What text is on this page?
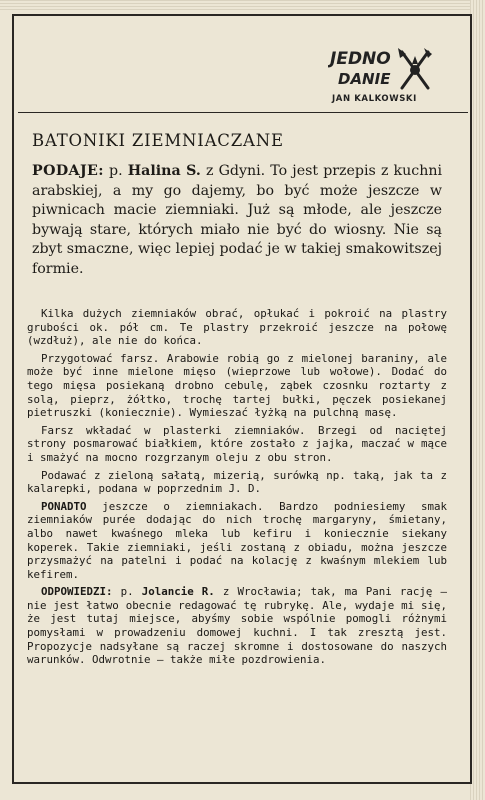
JEDNO
DANIE
JAN KALKOWSKI
BATONIKI ZIEMNIACZANE
PODAJE: p. Halina S. z Gdyni. To jest przepis z kuchni arabskiej, a my go dajemy, bo być może jeszcze w piwnicach macie ziemniaki. Już są młode, ale jeszcze bywają stare, których miało nie być do wiosny. Nie są zbyt smaczne, więc lepiej podać je w takiej smakowitszej formie.

Kilka dużych ziemniaków obrać, opłukać i pokroić na plastry grubości ok. pół cm. Te plastry przekroić jeszcze na połowę (wzdłuż), ale nie do końca.

Przygotować farsz. Arabowie robią go z mielonej baraniny, ale może być inne mielone mięso (wieprzowe lub wołowe). Dodać do tego mięsa posiekaną drobno cebulę, ząbek czosnku roztarty z solą, pieprz, żółtko, trochę tartej bułki, pęczek posiekanej pietruszki (koniecznie). Wymieszać łyżką na pulchną masę.

Farsz wkładać w plasterki ziemniaków. Brzegi od naciętej strony posmarować białkiem, które zostało z jajka, maczać w mące i smażyć na mocno rozgrzanym oleju z obu stron.

Podawać z zieloną sałatą, mizerią, surówką np. taką, jak ta z kalarepki, podana w poprzednim J. D.

PONADTO jeszcze o ziemniakach. Bardzo podniesiemy smak ziemniaków purée dodając do nich trochę margaryny, śmietany, albo nawet kwaśnego mleka lub kefiru i koniecznie siekany koperek. Takie ziemniaki, jeśli zostaną z obiadu, można jeszcze przysmażyć na patelni i podać na kolację z kwaśnym mlekiem lub kefirem.

ODPOWIEDZI: p. Jolancie R. z Wrocławia; tak, ma Pani rację — nie jest łatwo obecnie redagować tę rubrykę. Ale, wydaje mi się, że jest tutaj miejsce, abyśmy sobie wspólnie pomogli różnymi pomysłami w prowadzeniu domowej kuchni. I tak zresztą jest. Propozycje nadsyłane są raczej skromne i dostosowane do naszych warunków. Odwrotnie — także miłe pozdrowienia.
